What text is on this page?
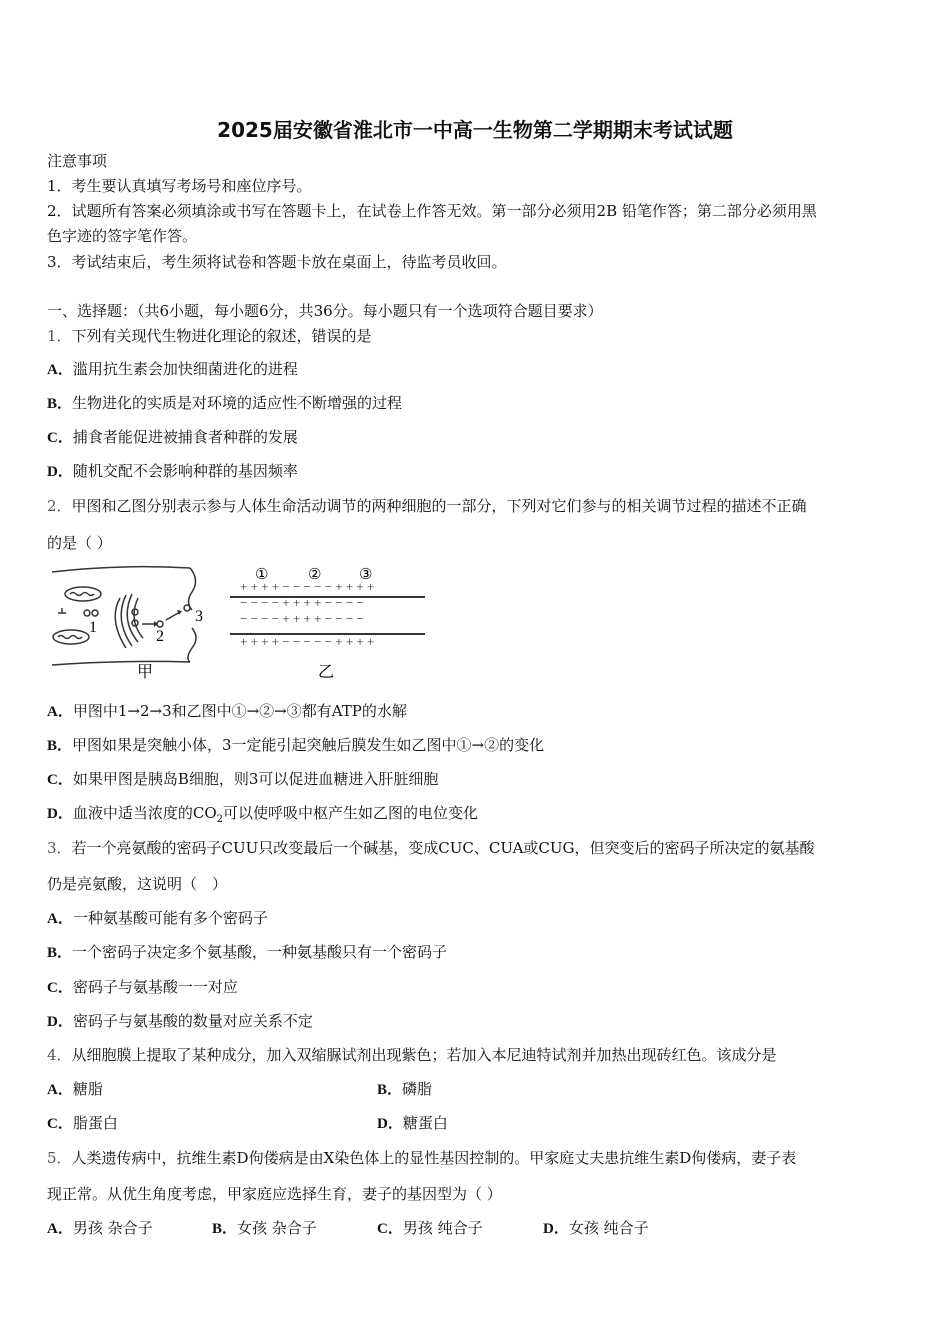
2025届安徽省淮北市一中高一生物第二学期期末考试试题
注意事项
1．考生要认真填写考场号和座位序号。
2．试题所有答案必须填涂或书写在答题卡上，在试卷上作答无效。第一部分必须用2B 铅笔作答；第二部分必须用黑
色字迹的签字笔作答。
3．考试结束后，考生须将试卷和答题卡放在桌面上，待监考员收回。
一、选择题：（共6小题，每小题6分，共36分。每小题只有一个选项符合题目要求）
1．下列有关现代生物进化理论的叙述，错误的是
A．滥用抗生素会加快细菌进化的进程
B．生物进化的实质是对环境的适应性不断增强的过程
C．捕食者能促进被捕食者种群的发展
D．随机交配不会影响种群的基因频率
2．甲图和乙图分别表示参与人体生命活动调节的两种细胞的一部分，下列对它们参与的相关调节过程的描述不正确
的是（ ）
1
2
3
甲
①	②	③
+ + + + − − − − − + + + +
− − − − + + + + − − − −
− − − − + + + + − − − −
+ + + + − − − − − + + + +
乙
A．甲图中1→2→3和乙图中①→②→③都有ATP的水解
B．甲图如果是突触小体，3一定能引起突触后膜发生如乙图中①→②的变化
C．如果甲图是胰岛B细胞，则3可以促进血糖进入肝脏细胞
D．血液中适当浓度的$CO_2$可以使呼吸中枢产生如乙图的电位变化
3．若一个亮氨酸的密码子CUU只改变最后一个碱基，变成CUC、CUA或CUG，但突变后的密码子所决定的氨基酸
仍是亮氨酸，这说明（　）
A．一种氨基酸可能有多个密码子
B．一个密码子决定多个氨基酸，一种氨基酸只有一个密码子
C．密码子与氨基酸一一对应
D．密码子与氨基酸的数量对应关系不定
4．从细胞膜上提取了某种成分，加入双缩脲试剂出现紫色；若加入本尼迪特试剂并加热出现砖红色。该成分是
A．糖脂	B．磷脂
C．脂蛋白	D．糖蛋白
5．人类遗传病中，抗维生素D佝偻病是由X染色体上的显性基因控制的。甲家庭丈夫患抗维生素D佝偻病，妻子表
现正常。从优生角度考虑，甲家庭应选择生育，妻子的基因型为（ ）
A．男孩 杂合子	B．女孩 杂合子	C．男孩 纯合子	D．女孩 纯合子
